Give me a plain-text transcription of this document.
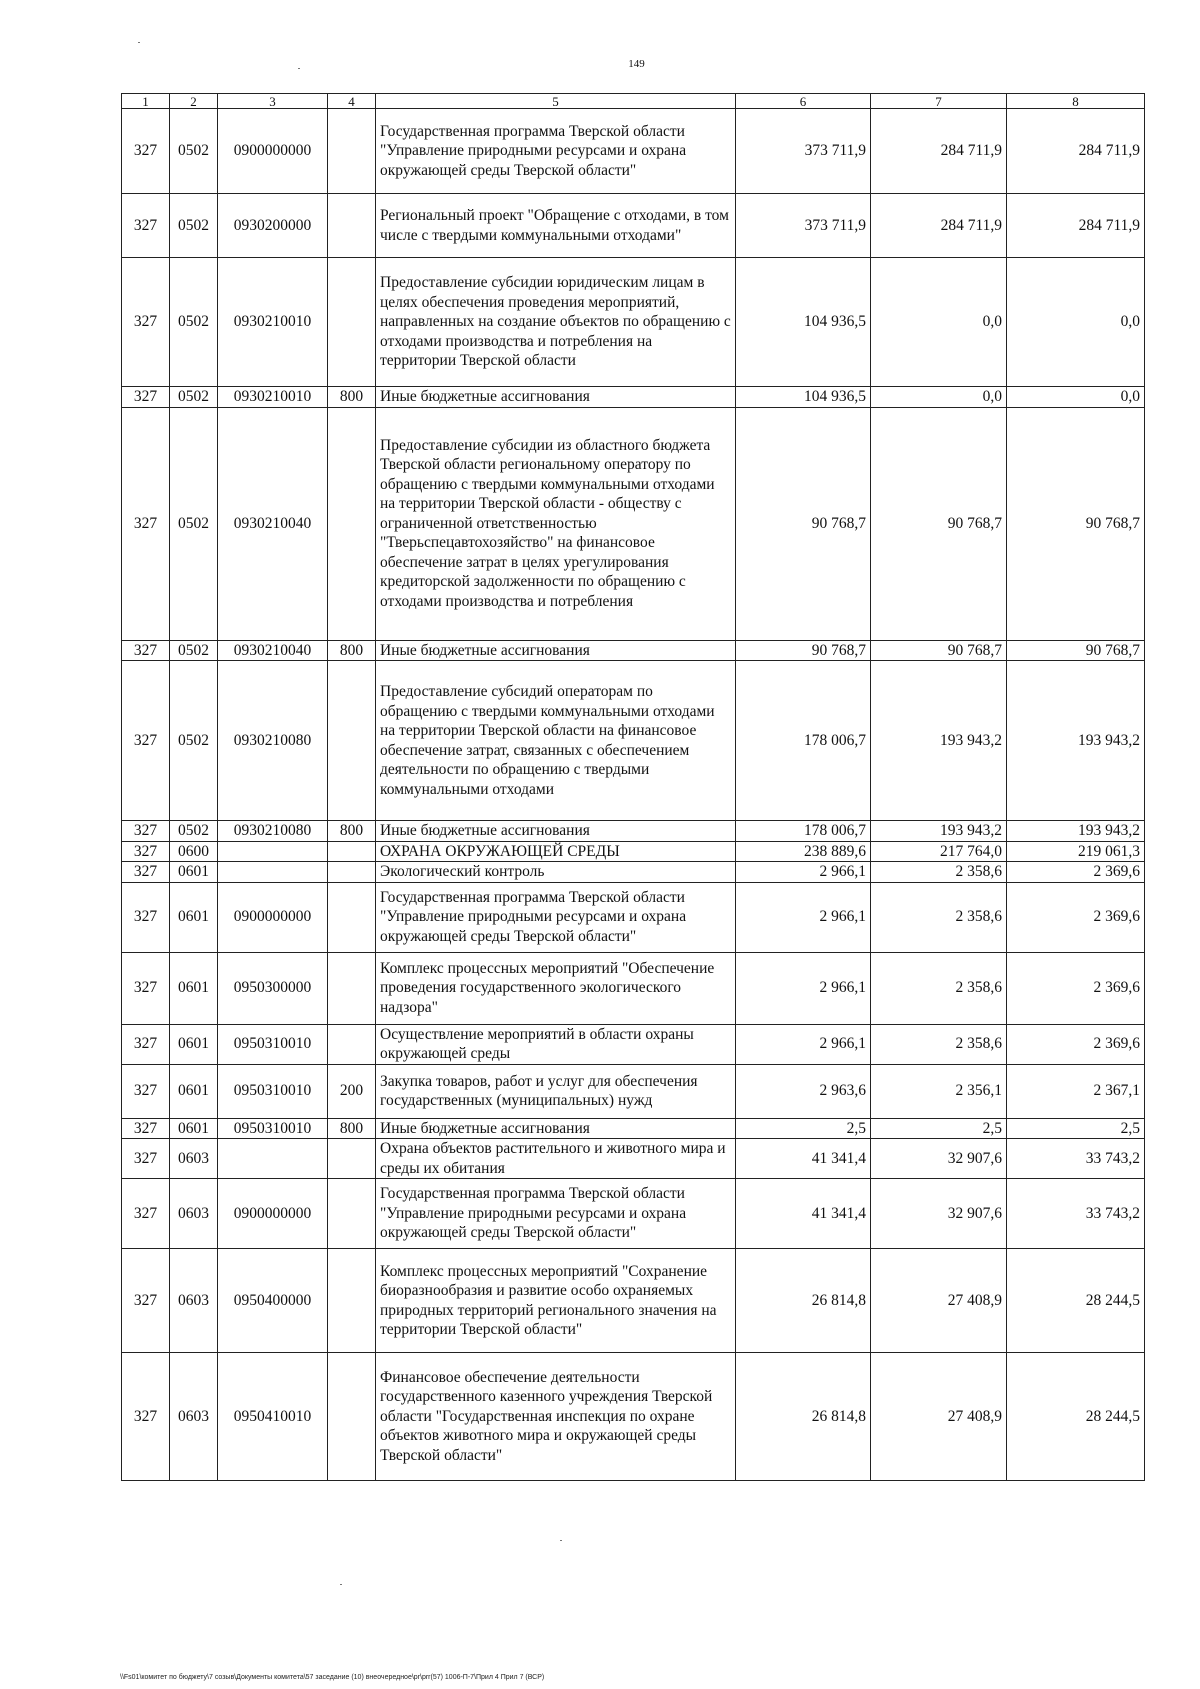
149
1	2	3	4	5	6	7	8
327	0502	0900000000		Государственная программа Тверской области "Управление природными ресурсами и охрана окружающей среды Тверской области"	373 711,9	284 711,9	284 711,9
327	0502	0930200000		Региональный проект "Обращение с отходами, в том числе с твердыми коммунальными отходами"	373 711,9	284 711,9	284 711,9
327	0502	0930210010		Предоставление субсидии юридическим лицам в целях обеспечения проведения мероприятий, направленных на создание объектов по обращению с отходами производства и потребления на территории Тверской области	104 936,5	0,0	0,0
327	0502	0930210010	800	Иные бюджетные ассигнования	104 936,5	0,0	0,0
327	0502	0930210040		Предоставление субсидии из областного бюджета Тверской области региональному оператору по обращению с твердыми коммунальными отходами на территории Тверской области - обществу с ограниченной ответственностью "Тверьспецавтохозяйство" на финансовое обеспечение затрат в целях урегулирования кредиторской задолженности по обращению с отходами производства и потребления	90 768,7	90 768,7	90 768,7
327	0502	0930210040	800	Иные бюджетные ассигнования	90 768,7	90 768,7	90 768,7
327	0502	0930210080		Предоставление субсидий операторам по обращению с твердыми коммунальными отходами на территории Тверской области на финансовое обеспечение затрат, связанных с обеспечением деятельности по обращению с твердыми коммунальными отходами	178 006,7	193 943,2	193 943,2
327	0502	0930210080	800	Иные бюджетные ассигнования	178 006,7	193 943,2	193 943,2
327	0600			ОХРАНА ОКРУЖАЮЩЕЙ СРЕДЫ	238 889,6	217 764,0	219 061,3
327	0601			Экологический контроль	2 966,1	2 358,6	2 369,6
327	0601	0900000000		Государственная программа Тверской области "Управление природными ресурсами и охрана окружающей среды Тверской области"	2 966,1	2 358,6	2 369,6
327	0601	0950300000		Комплекс процессных мероприятий "Обеспечение проведения государственного экологического надзора"	2 966,1	2 358,6	2 369,6
327	0601	0950310010		Осуществление мероприятий в области охраны окружающей среды	2 966,1	2 358,6	2 369,6
327	0601	0950310010	200	Закупка товаров, работ и услуг для обеспечения государственных (муниципальных) нужд	2 963,6	2 356,1	2 367,1
327	0601	0950310010	800	Иные бюджетные ассигнования	2,5	2,5	2,5
327	0603			Охрана объектов растительного и животного мира и среды их обитания	41 341,4	32 907,6	33 743,2
327	0603	0900000000		Государственная программа Тверской области "Управление природными ресурсами и охрана окружающей среды Тверской области"	41 341,4	32 907,6	33 743,2
327	0603	0950400000		Комплекс процессных мероприятий "Сохранение биоразнообразия и развитие особо охраняемых природных территорий регионального значения на территории Тверской области"	26 814,8	27 408,9	28 244,5
327	0603	0950410010		Финансовое обеспечение деятельности государственного казенного учреждения Тверской области "Государственная инспекция по охране объектов животного мира и окружающей среды Тверской области"	26 814,8	27 408,9	28 244,5
\\Fs01\комитет по бюджету\7 созыв\Документы комитета\57 заседание (10) внеочередное\pr\prr(57) 1006-П-7\Прил 4 Прил 7 (ВСР)
